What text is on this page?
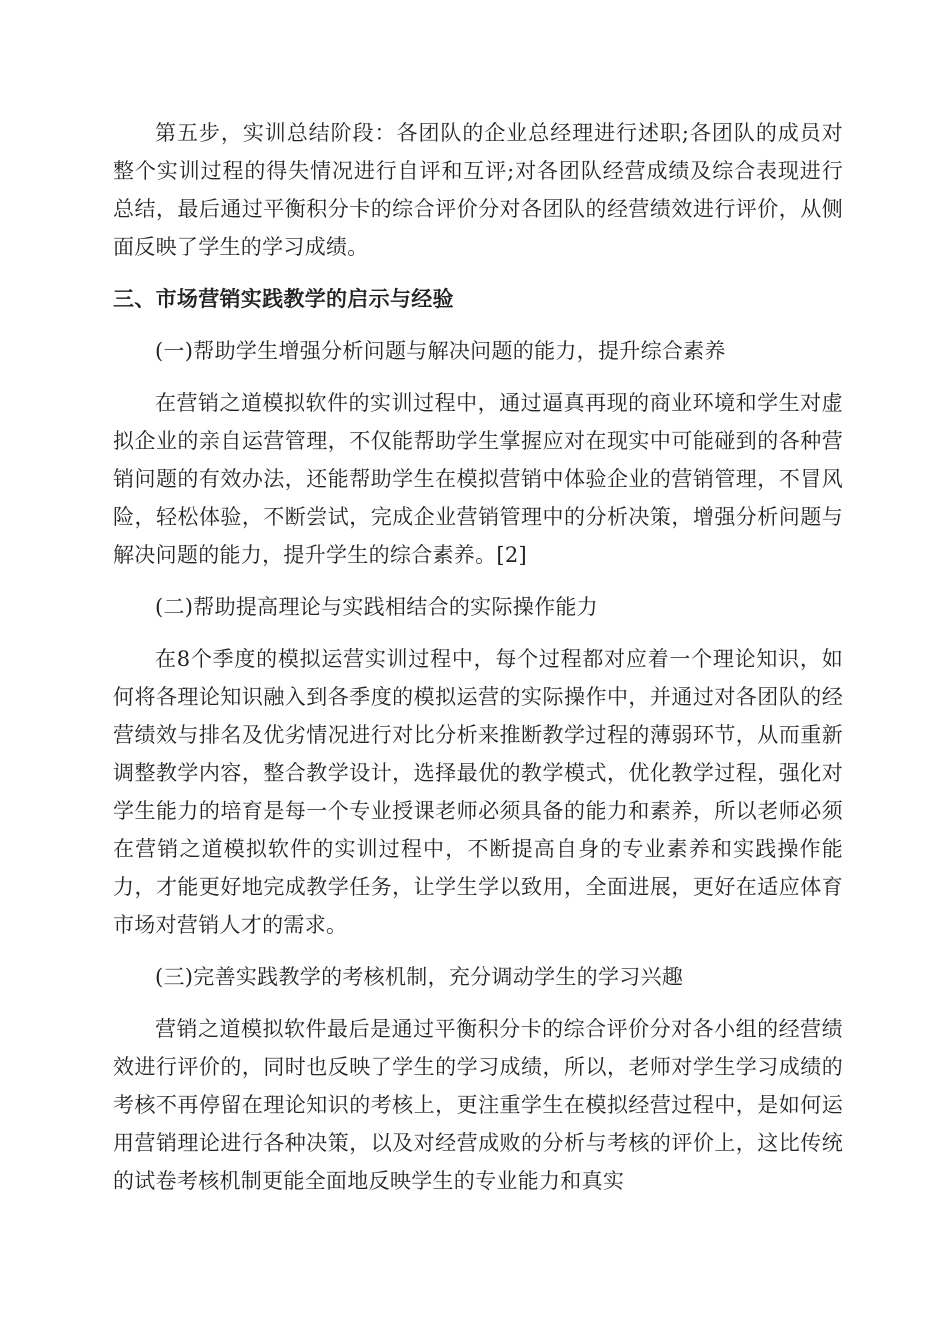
第五步，实训总结阶段：各团队的企业总经理进行述职;各团队的成员对整个实训过程的得失情况进行自评和互评;对各团队经营成绩及综合表现进行总结，最后通过平衡积分卡的综合评价分对各团队的经营绩效进行评价，从侧面反映了学生的学习成绩。

三、市场营销实践教学的启示与经验

(一)帮助学生增强分析问题与解决问题的能力，提升综合素养

在营销之道模拟软件的实训过程中，通过逼真再现的商业环境和学生对虚拟企业的亲自运营管理，不仅能帮助学生掌握应对在现实中可能碰到的各种营销问题的有效办法，还能帮助学生在模拟营销中体验企业的营销管理，不冒风险，轻松体验，不断尝试，完成企业营销管理中的分析决策，增强分析问题与解决问题的能力，提升学生的综合素养。[2]

(二)帮助提高理论与实践相结合的实际操作能力

在8个季度的模拟运营实训过程中，每个过程都对应着一个理论知识，如何将各理论知识融入到各季度的模拟运营的实际操作中，并通过对各团队的经营绩效与排名及优劣情况进行对比分析来推断教学过程的薄弱环节，从而重新调整教学内容，整合教学设计，选择最优的教学模式，优化教学过程，强化对学生能力的培育是每一个专业授课老师必须具备的能力和素养，所以老师必须在营销之道模拟软件的实训过程中，不断提高自身的专业素养和实践操作能力，才能更好地完成教学任务，让学生学以致用，全面进展，更好在适应体育市场对营销人才的需求。

(三)完善实践教学的考核机制，充分调动学生的学习兴趣

营销之道模拟软件最后是通过平衡积分卡的综合评价分对各小组的经营绩效进行评价的，同时也反映了学生的学习成绩，所以，老师对学生学习成绩的考核不再停留在理论知识的考核上，更注重学生在模拟经营过程中，是如何运用营销理论进行各种决策，以及对经营成败的分析与考核的评价上，这比传统的试卷考核机制更能全面地反映学生的专业能力和真实
